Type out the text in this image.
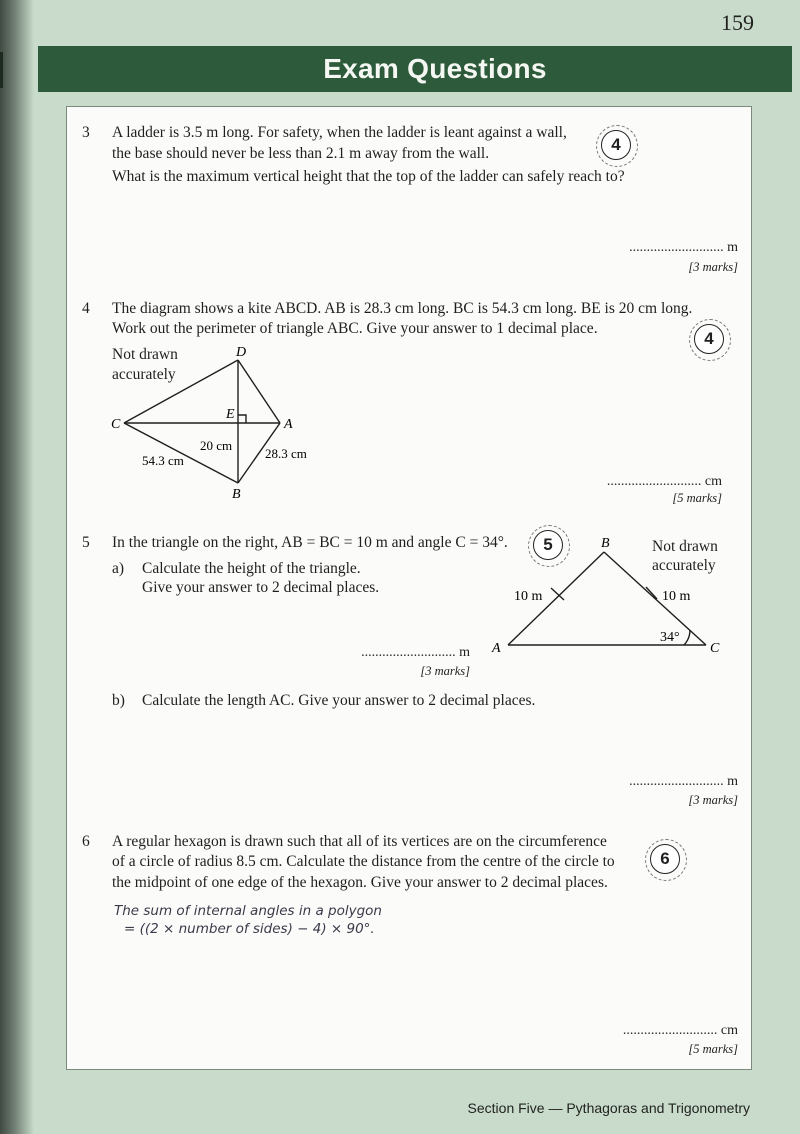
159
Exam Questions
3 A ladder is 3.5 m long. For safety, when the ladder is leant against a wall,
the base should never be less than 2.1 m away from the wall.
What is the maximum vertical height that the top of the ladder can safely reach to?
4
........................... m
[3 marks]
4 The diagram shows a kite ABCD. AB is 28.3 cm long. BC is 54.3 cm long. BE is 20 cm long.
Work out the perimeter of triangle ABC. Give your answer to 1 decimal place.
4
Not drawn
accurately
D
C	A
B
E
20 cm
54.3 cm	28.3 cm
B
A	C
10 m	10 m
34°
........................... cm
[5 marks]
5 In the triangle on the right, AB = BC = 10 m and angle C = 34°. 5	Not drawn
accurately
a) Calculate the height of the triangle.
Give your answer to 2 decimal places.
........................... m
[3 marks]
b) Calculate the length AC. Give your answer to 2 decimal places.
........................... m
[3 marks]
6 A regular hexagon is drawn such that all of its vertices are on the circumference
of a circle of radius 8.5 cm. Calculate the distance from the centre of the circle to
the midpoint of one edge of the hexagon. Give your answer to 2 decimal places.
6
The sum of internal angles in a polygon
= ((2 × number of sides) − 4) × 90°.
........................... cm
[5 marks]
Section Five — Pythagoras and Trigonometry
